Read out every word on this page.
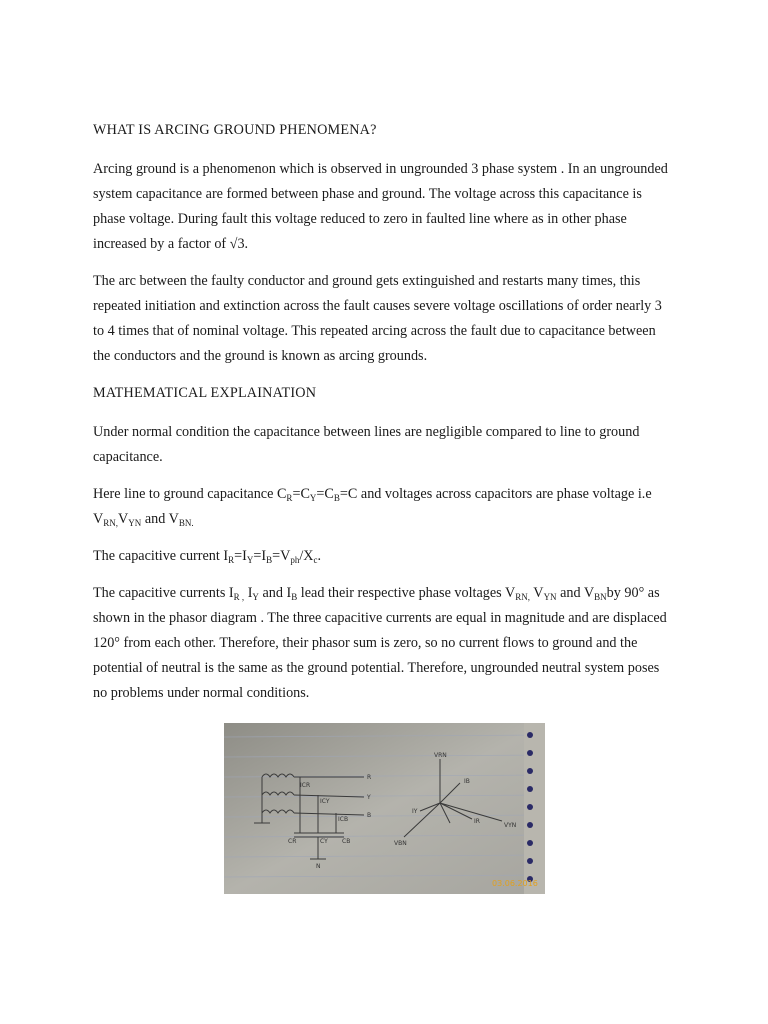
WHAT IS ARCING GROUND PHENOMENA?

Arcing ground is a phenomenon which is observed in ungrounded 3 phase system . In an ungrounded system capacitance are formed between phase and ground. The voltage across this capacitance is phase voltage. During fault this voltage reduced to zero in faulted line where as in other phase increased by a factor of √3.

The arc between the faulty conductor and ground gets extinguished and restarts many times, this repeated initiation and extinction across the fault causes severe voltage oscillations of order nearly 3 to 4 times that of nominal voltage. This repeated arcing across the fault due to capacitance between the conductors and the ground is known as arcing grounds.

MATHEMATICAL EXPLAINATION

Under normal condition the capacitance between lines are negligible compared to line to ground capacitance.

Here line to ground capacitance $C_R=C_Y=C_B=C$ and voltages across capacitors are phase voltage i.e $V_{RN,}V_{YN}$ and $V_{BN.}$

The capacitive current $I_R=I_Y=I_B=V_{ph}/X_c$.

The capacitive currents $I_{R ,}$ $I_Y$ and $I_B$ lead their respective phase voltages $V_{RN,}$ $V_{YN}$ and $V_{BN}by$ 90° as shown in the phasor diagram . The three capacitive currents are equal in magnitude and are displaced 120° from each other. Therefore, their phasor sum is zero, so no current flows to ground and the potential of neutral is the same as the ground potential. Therefore, ungrounded neutral system poses no problems under normal conditions.

R
Y
B
VRN
VBN
VYN
IY
IB
IR
ICR
ICY
ICB
CR	CY CB
N
03.06.2016
